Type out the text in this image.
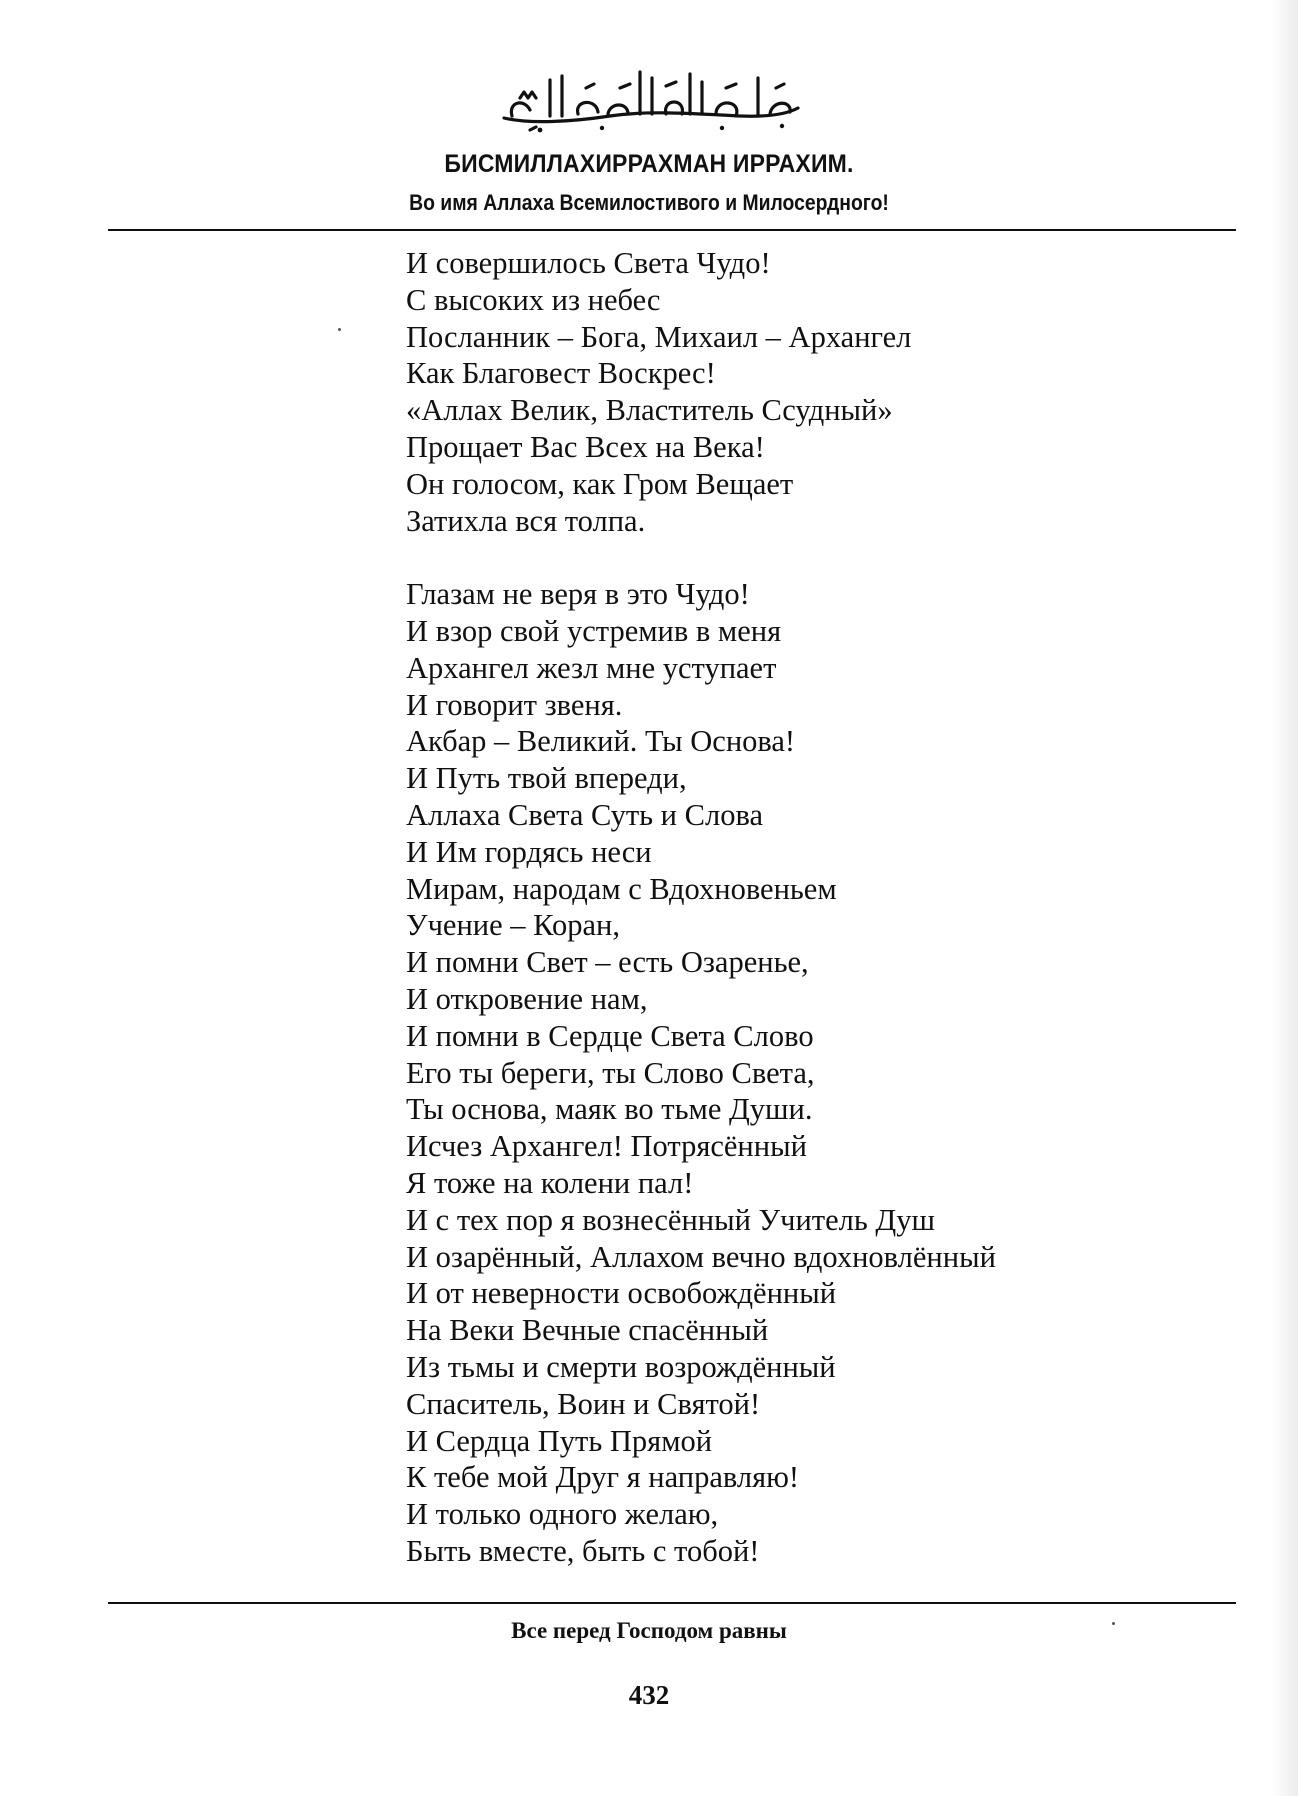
БИСМИЛЛАХИРРАХМАН ИРРАХИМ.
Во имя Аллаха Всемилостивого и Милосердного!
И совершилось Света Чудо!
С высоких из небес
Посланник – Бога, Михаил – Архангел
Как Благовест Воскрес!
«Аллах Велик, Властитель Ссудный»
Прощает Вас Всех на Века!
Он голосом, как Гром Вещает
Затихла вся толпа.
Глазам не веря в это Чудо!
И взор свой устремив в меня
Архангел жезл мне уступает
И говорит звеня.
Акбар – Великий. Ты Основа!
И Путь твой впереди,
Аллаха Света Суть и Слова
И Им гордясь неси
Мирам, народам с Вдохновеньем
Учение – Коран,
И помни Свет – есть Озаренье,
И откровение нам,
И помни в Сердце Света Слово
Его ты береги, ты Слово Света,
Ты основа, маяк во тьме Души.
Исчез Архангел! Потрясённый
Я тоже на колени пал!
И с тех пор я вознесённый Учитель Душ
И озарённый, Аллахом вечно вдохновлённый
И от неверности освобождённый
На Веки Вечные спасённый
Из тьмы и смерти возрождённый
Спаситель, Воин и Святой!
И Сердца Путь Прямой
К тебе мой Друг я направляю!
И только одного желаю,
Быть вместе, быть с тобой!
Все перед Господом равны
432
